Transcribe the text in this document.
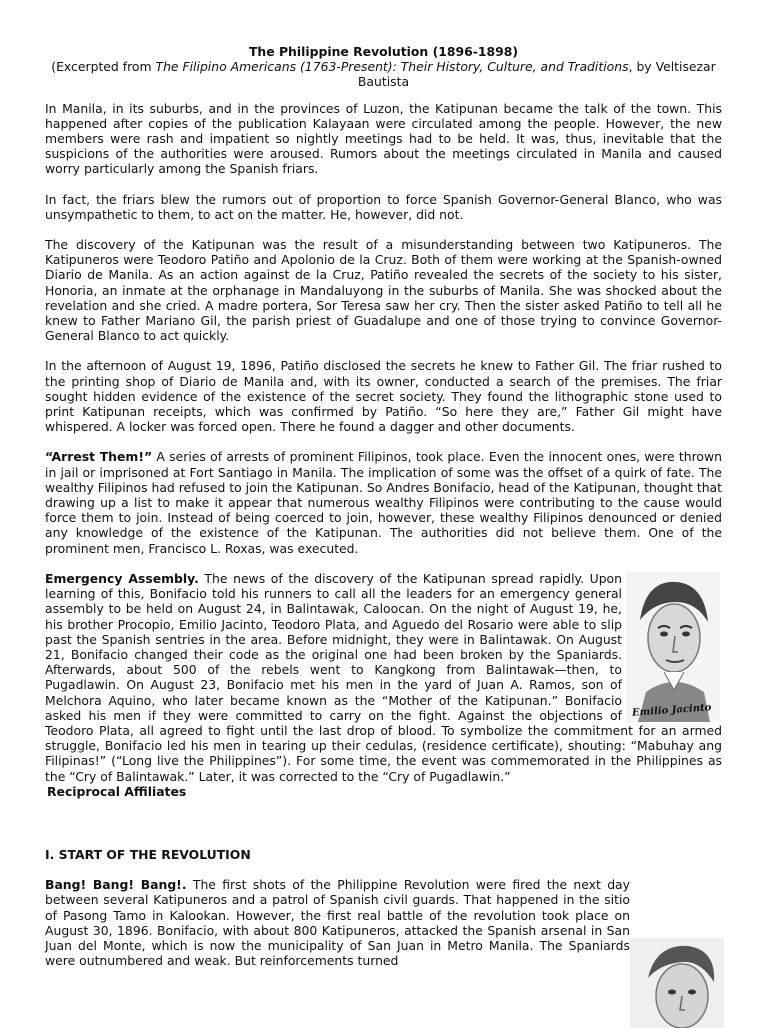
The Philippine Revolution (1896-1898)
(Excerpted from The Filipino Americans (1763-Present): Their History, Culture, and Traditions, by Veltisezar Bautista

In Manila, in its suburbs, and in the provinces of Luzon, the Katipunan became the talk of the town. This happened after copies of the publication Kalayaan were circulated among the people. However, the new members were rash and impatient so nightly meetings had to be held. It was, thus, inevitable that the suspicions of the authorities were aroused. Rumors about the meetings circulated in Manila and caused worry particularly among the Spanish friars.

In fact, the friars blew the rumors out of proportion to force Spanish Governor-General Blanco, who was unsympathetic to them, to act on the matter. He, however, did not.

The discovery of the Katipunan was the result of a misunderstanding between two Katipuneros. The Katipuneros were Teodoro Patiño and Apolonio de la Cruz. Both of them were working at the Spanish-owned Diario de Manila. As an action against de la Cruz, Patiño revealed the secrets of the society to his sister, Honoria, an inmate at the orphanage in Mandaluyong in the suburbs of Manila. She was shocked about the revelation and she cried. A madre portera, Sor Teresa saw her cry. Then the sister asked Patiño to tell all he knew to Father Mariano Gil, the parish priest of Guadalupe and one of those trying to convince Governor-General Blanco to act quickly.

In the afternoon of August 19, 1896, Patiño disclosed the secrets he knew to Father Gil. The friar rushed to the printing shop of Diario de Manila and, with its owner, conducted a search of the premises. The friar sought hidden evidence of the existence of the secret society. They found the lithographic stone used to print Katipunan receipts, which was confirmed by Patiño. “So here they are,” Father Gil might have whispered. A locker was forced open. There he found a dagger and other documents.

“Arrest Them!” A series of arrests of prominent Filipinos, took place. Even the innocent ones, were thrown in jail or imprisoned at Fort Santiago in Manila. The implication of some was the offset of a quirk of fate. The wealthy Filipinos had refused to join the Katipunan. So Andres Bonifacio, head of the Katipunan, thought that drawing up a list to make it appear that numerous wealthy Filipinos were contributing to the cause would force them to join. Instead of being coerced to join, however, these wealthy Filipinos denounced or denied any knowledge of the existence of the Katipunan. The authorities did not believe them. One of the prominent men, Francisco L. Roxas, was executed.

Emilio Jacinto
Emergency Assembly. The news of the discovery of the Katipunan spread rapidly. Upon learning of this, Bonifacio told his runners to call all the leaders for an emergency general assembly to be held on August 24, in Balintawak, Caloocan. On the night of August 19, he, his brother Procopio, Emilio Jacinto, Teodoro Plata, and Aguedo del Rosario were able to slip past the Spanish sentries in the area. Before midnight, they were in Balintawak. On August 21, Bonifacio changed their code as the original one had been broken by the Spaniards. Afterwards, about 500 of the rebels went to Kangkong from Balintawak—then, to Pugadlawin. On August 23, Bonifacio met his men in the yard of Juan A. Ramos, son of Melchora Aquino, who later became known as the “Mother of the Katipunan.” Bonifacio asked his men if they were committed to carry on the fight. Against the objections of Teodoro Plata, all agreed to fight until the last drop of blood. To symbolize the commitment for an armed struggle, Bonifacio led his men in tearing up their cedulas, (residence certificate), shouting: “Mabuhay ang Filipinas!” (“Long live the Philippines”). For some time, the event was commemorated in the Philippines as the “Cry of Balintawak.” Later, it was corrected to the “Cry of Pugadlawin.”

Reciprocal Affiliates
I. START OF THE REVOLUTION

Bang! Bang! Bang!. The first shots of the Philippine Revolution were fired the next day between several Katipuneros and a patrol of Spanish civil guards. That happened in the sitio of Pasong Tamo in Kalookan. However, the first real battle of the revolution took place on August 30, 1896. Bonifacio, with about 800 Katipuneros, attacked the Spanish arsenal in San Juan del Monte, which is now the municipality of San Juan in Metro Manila. The Spaniards were outnumbered and weak. But reinforcements turned
